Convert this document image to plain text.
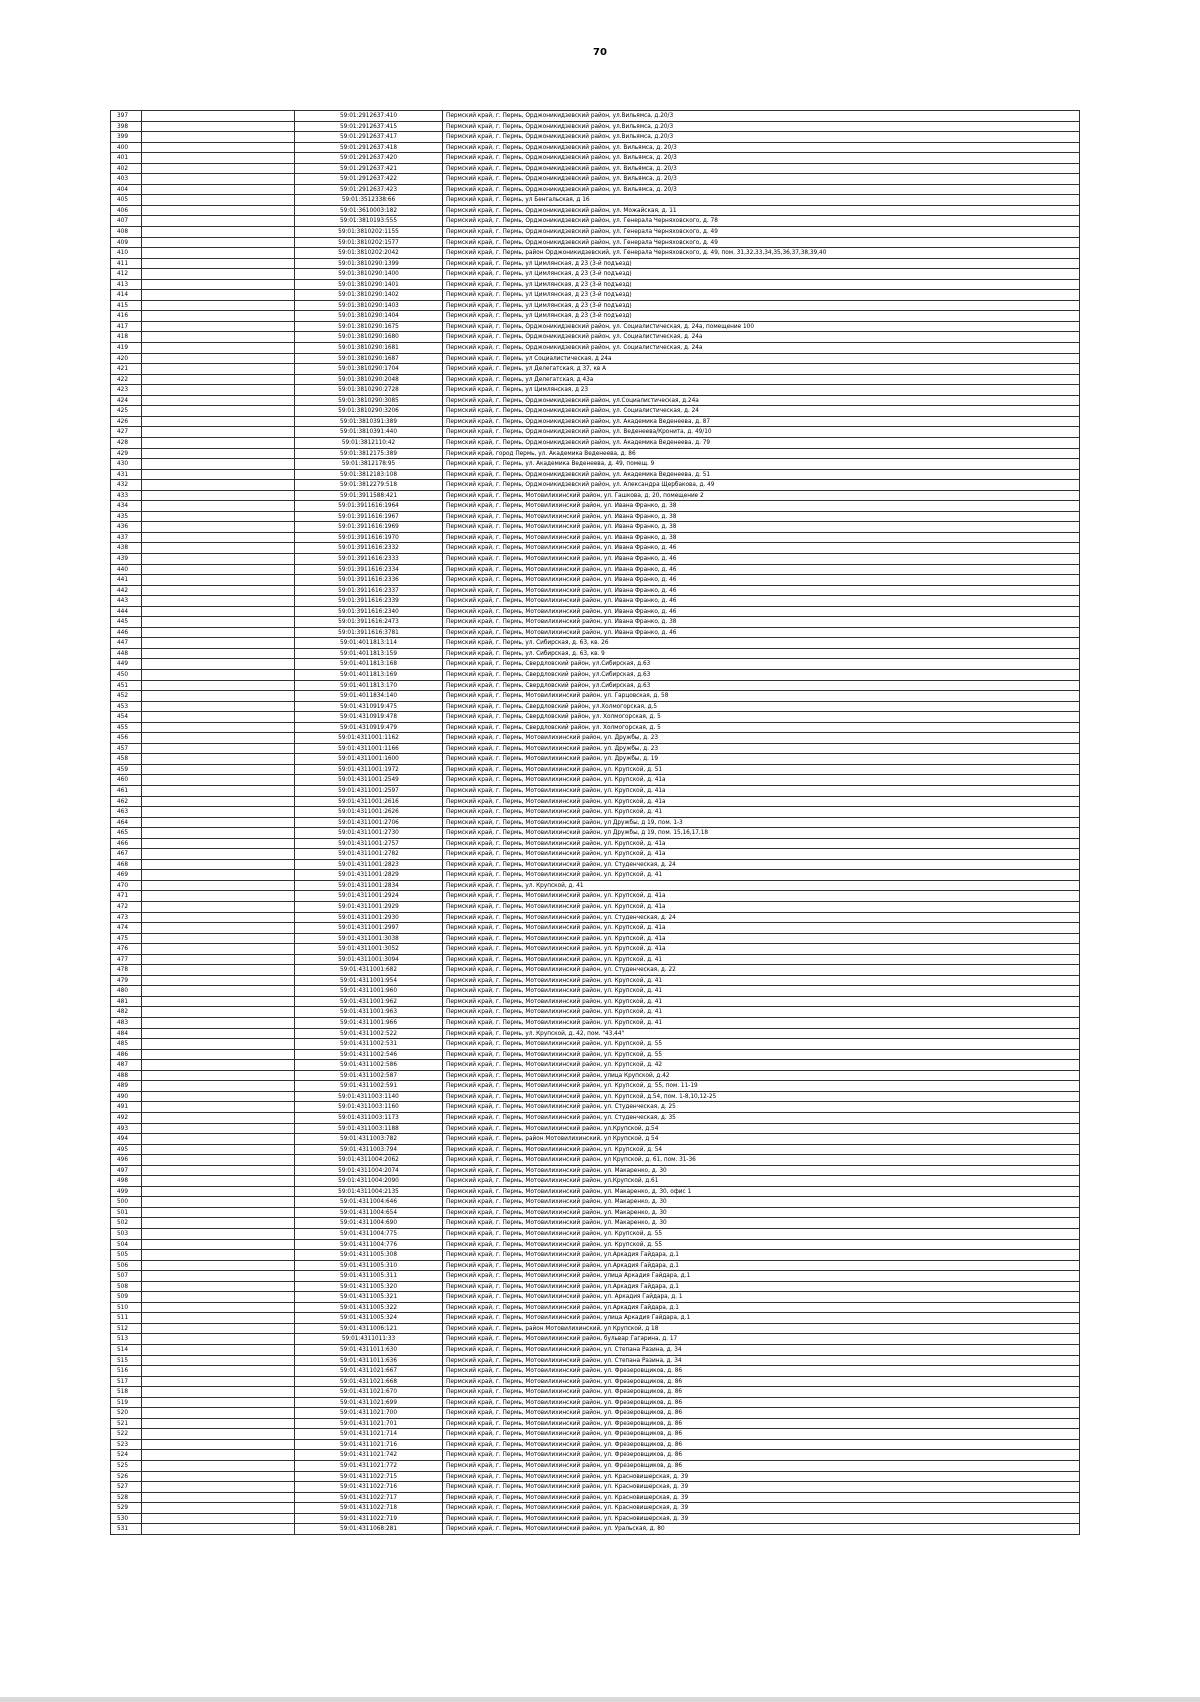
70
397		59:01:2912637:410	Пермский край, г. Пермь, Орджоникидзевский район, ул.Вильямса, д.20/3
398		59:01:2912637:415	Пермский край, г. Пермь, Орджоникидзевский район, ул.Вильямса, д.20/3
399		59:01:2912637:417	Пермский край, г. Пермь, Орджоникидзевский район, ул.Вильямса, д.20/3
400		59:01:2912637:418	Пермский край, г. Пермь, Орджоникидзевский район, ул. Вильямса, д. 20/3
401		59:01:2912637:420	Пермский край, г. Пермь, Орджоникидзевский район, ул. Вильямса, д. 20/3
402		59:01:2912637:421	Пермский край, г. Пермь, Орджоникидзевский район, ул. Вильямса, д. 20/3
403		59:01:2912637:422	Пермский край, г. Пермь, Орджоникидзевский район, ул. Вильямса, д. 20/3
404		59:01:2912637:423	Пермский край, г. Пермь, Орджоникидзевский район, ул. Вильямса, д. 20/3
405		59:01:3512338:66	Пермский край, г. Пермь, ул Бенгальская, д 16
406		59:01:3610003:182	Пермский край, г. Пермь, Орджоникидзевский район, ул. Можайская, д. 11
407		59:01:3810193:555	Пермский край, г. Пермь, Орджоникидзевский район, ул. Генерала Черняховского, д. 78
408		59:01:3810202:1155	Пермский край, г. Пермь, Орджоникидзевский район, ул. Генерала Черняховского, д. 49
409		59:01:3810202:1577	Пермский край, г. Пермь, Орджоникидзевский район, ул. Генерала Черняховского, д. 49
410		59:01:3810202:2042	Пермский край, г. Пермь, район Орджоникидзевский, ул. Генерала Черняховского, д. 49, пом. 31,32,33,34,35,36,37,38,39,40
411		59:01:3810290:1399	Пермский край, г. Пермь, ул Цимлянская, д 23 (3-й подъезд)
412		59:01:3810290:1400	Пермский край, г. Пермь, ул Цимлянская, д 23 (3-й подъезд)
413		59:01:3810290:1401	Пермский край, г. Пермь, ул Цимлянская, д 23 (3-й подъезд)
414		59:01:3810290:1402	Пермский край, г. Пермь, ул Цимлянская, д 23 (3-й подъезд)
415		59:01:3810290:1403	Пермский край, г. Пермь, ул Цимлянская, д 23 (3-й подъезд)
416		59:01:3810290:1404	Пермский край, г. Пермь, ул Цимлянская, д 23 (3-й подъезд)
417		59:01:3810290:1675	Пермский край, г. Пермь, Орджоникидзевский район, ул. Социалистическая, д. 24а, помещение 100
418		59:01:3810290:1680	Пермский край, г. Пермь, Орджоникидзевский район, ул. Социалистическая, д. 24а
419		59:01:3810290:1681	Пермский край, г. Пермь, Орджоникидзевский район, ул. Социалистическая, д. 24а
420		59:01:3810290:1687	Пермский край, г. Пермь, ул Социалистическая, д 24а
421		59:01:3810290:1704	Пермский край, г. Пермь, ул Делегатская, д 37, кв А
422		59:01:3810290:2048	Пермский край, г. Пермь, ул Делегатская, д 43а
423		59:01:3810290:2728	Пермский край, г. Пермь, ул Цимлянская, д 23
424		59:01:3810290:3085	Пермский край, г. Пермь, Орджоникидзевский район, ул.Социалистическая, д.24а
425		59:01:3810290:3206	Пермский край, г. Пермь, Орджоникидзевский район, ул. Социалистическая, д. 24
426		59:01:3810391:389	Пермский край, г. Пермь, Орджоникидзевский район, ул. Академика Веденеева, д. 87
427		59:01:3810391:440	Пермский край, г. Пермь, Орджоникидзевский район, ул. Веденеева/Кронита, д. 49/10
428		59:01:3812110:42	Пермский край, г. Пермь, Орджоникидзевский район, ул. Академика Веденеева, д. 79
429		59:01:3812175:389	Пермский край, город Пермь, ул. Академика Веденеева, д. 86
430		59:01:3812178:95	Пермский край, г. Пермь, ул. Академика Веденеева, д. 49, помещ. 9
431		59:01:3812183:108	Пермский край, г. Пермь, Орджоникидзевский район, ул. Академика Веденеева, д. 51
432		59:01:3812279:518	Пермский край, г. Пермь, Орджоникидзевский район, ул. Александра Щербакова, д. 49
433		59:01:3911588:421	Пермский край, г. Пермь, Мотовилихинский район, ул. Гашкова, д. 20, помещение 2
434		59:01:3911616:1964	Пермский край, г. Пермь, Мотовилихинский район, ул. Ивана Франко, д. 38
435		59:01:3911616:1967	Пермский край, г. Пермь, Мотовилихинский район, ул. Ивана Франко, д. 38
436		59:01:3911616:1969	Пермский край, г. Пермь, Мотовилихинский район, ул. Ивана Франко, д. 38
437		59:01:3911616:1970	Пермский край, г. Пермь, Мотовилихинский район, ул. Ивана Франко, д. 38
438		59:01:3911616:2332	Пермский край, г. Пермь, Мотовилихинский район, ул. Ивана Франко, д. 46
439		59:01:3911616:2333	Пермский край, г. Пермь, Мотовилихинский район, ул. Ивана Франко, д. 46
440		59:01:3911616:2334	Пермский край, г. Пермь, Мотовилихинский район, ул. Ивана Франко, д. 46
441		59:01:3911616:2336	Пермский край, г. Пермь, Мотовилихинский район, ул. Ивана Франко, д. 46
442		59:01:3911616:2337	Пермский край, г. Пермь, Мотовилихинский район, ул. Ивана Франко, д. 46
443		59:01:3911616:2339	Пермский край, г. Пермь, Мотовилихинский район, ул. Ивана Франко, д. 46
444		59:01:3911616:2340	Пермский край, г. Пермь, Мотовилихинский район, ул. Ивана Франко, д. 46
445		59:01:3911616:2473	Пермский край, г. Пермь, Мотовилихинский район, ул. Ивана Франко, д. 38
446		59:01:3911616:3781	Пермский край, г. Пермь, Мотовилихинский район, ул. Ивана Франко, д. 46
447		59:01:4011813:114	Пермский край, г. Пермь, ул. Сибирская, д. 63, кв. 26
448		59:01:4011813:159	Пермский край, г. Пермь, ул. Сибирская, д. 63, кв. 9
449		59:01:4011813:168	Пермский край, г. Пермь, Свердловский район, ул.Сибирская, д.63
450		59:01:4011813:169	Пермский край, г. Пермь, Свердловский район, ул.Сибирская, д.63
451		59:01:4011813:170	Пермский край, г. Пермь, Свердловский район, ул.Сибирская, д.63
452		59:01:4011834:140	Пермский край, г. Пермь, Мотовилихинский район, ул. Гарцовская, д. 58
453		59:01:4310919:475	Пермский край, г. Пермь, Свердловский район, ул.Холмогорская, д.5
454		59:01:4310919:478	Пермский край, г. Пермь, Свердловский район, ул. Холмогорская, д. 5
455		59:01:4310919:479	Пермский край, г. Пермь, Свердловский район, ул. Холмогорская, д. 5
456		59:01:4311001:1162	Пермский край, г. Пермь, Мотовилихинский район, ул. Дружбы, д. 23
457		59:01:4311001:1166	Пермский край, г. Пермь, Мотовилихинский район, ул. Дружбы, д. 23
458		59:01:4311001:1600	Пермский край, г. Пермь, Мотовилихинский район, ул. Дружбы, д. 19
459		59:01:4311001:1972	Пермский край, г. Пермь, Мотовилихинский район, ул. Крупской, д. 51
460		59:01:4311001:2549	Пермский край, г. Пермь, Мотовилихинский район, ул. Крупской, д. 41а
461		59:01:4311001:2597	Пермский край, г. Пермь, Мотовилихинский район, ул. Крупской, д. 41а
462		59:01:4311001:2616	Пермский край, г. Пермь, Мотовилихинский район, ул. Крупской, д. 41а
463		59:01:4311001:2626	Пермский край, г. Пермь, Мотовилихинский район, ул. Крупской, д. 41
464		59:01:4311001:2706	Пермский край, г. Пермь, Мотовилихинский район, ул Дружбы, д 19, пом. 1-3
465		59:01:4311001:2730	Пермский край, г. Пермь, Мотовилихинский район, ул Дружбы, д 19, пом. 15,16,17,18
466		59:01:4311001:2757	Пермский край, г. Пермь, Мотовилихинский район, ул. Крупской, д. 41а
467		59:01:4311001:2782	Пермский край, г. Пермь, Мотовилихинский район, ул. Крупской, д. 41а
468		59:01:4311001:2823	Пермский край, г. Пермь, Мотовилихинский район, ул. Студенческая, д. 24
469		59:01:4311001:2829	Пермский край, г. Пермь, Мотовилихинский район, ул. Крупской, д. 41
470		59:01:4311001:2834	Пермский край, г. Пермь, ул. Крупской, д. 41
471		59:01:4311001:2924	Пермский край, г. Пермь, Мотовилихинский район, ул. Крупской, д. 41а
472		59:01:4311001:2929	Пермский край, г. Пермь, Мотовилихинский район, ул. Крупской, д. 41а
473		59:01:4311001:2930	Пермский край, г. Пермь, Мотовилихинский район, ул. Студенческая, д. 24
474		59:01:4311001:2997	Пермский край, г. Пермь, Мотовилихинский район, ул. Крупской, д. 41а
475		59:01:4311001:3038	Пермский край, г. Пермь, Мотовилихинский район, ул. Крупской, д. 41а
476		59:01:4311001:3052	Пермский край, г. Пермь, Мотовилихинский район, ул. Крупской, д. 41а
477		59:01:4311001:3094	Пермский край, г. Пермь, Мотовилихинский район, ул. Крупской, д. 41
478		59:01:4311001:682	Пермский край, г. Пермь, Мотовилихинский район, ул. Студенческая, д. 22
479		59:01:4311001:954	Пермский край, г. Пермь, Мотовилихинский район, ул. Крупской, д. 41
480		59:01:4311001:960	Пермский край, г. Пермь, Мотовилихинский район, ул. Крупской, д. 41
481		59:01:4311001:962	Пермский край, г. Пермь, Мотовилихинский район, ул. Крупской, д. 41
482		59:01:4311001:963	Пермский край, г. Пермь, Мотовилихинский район, ул. Крупской, д. 41
483		59:01:4311001:966	Пермский край, г. Пермь, Мотовилихинский район, ул. Крупской, д. 41
484		59:01:4311002:522	Пермский край, г. Пермь, ул. Крупской, д. 42, пом. "43,44"
485		59:01:4311002:531	Пермский край, г. Пермь, Мотовилихинский район, ул. Крупской, д. 55
486		59:01:4311002:546	Пермский край, г. Пермь, Мотовилихинский район, ул. Крупской, д. 55
487		59:01:4311002:586	Пермский край, г. Пермь, Мотовилихинский район, ул. Крупской, д. 42
488		59:01:4311002:587	Пермский край, г. Пермь, Мотовилихинский район, улица Крупской, д.42
489		59:01:4311002:591	Пермский край, г. Пермь, Мотовилихинский район, ул. Крупской, д. 55, пом. 11-19
490		59:01:4311003:1140	Пермский край, г. Пермь, Мотовилихинский район, ул. Крупской, д.54, пом. 1-8,10,12-25
491		59:01:4311003:1160	Пермский край, г. Пермь, Мотовилихинский район, ул. Студенческая, д. 25
492		59:01:4311003:1173	Пермский край, г. Пермь, Мотовилихинский район, ул. Студенческая, д. 35
493		59:01:4311003:1188	Пермский край, г. Пермь, Мотовилихинский район, ул.Крупской, д.54
494		59:01:4311003:782	Пермский край, г. Пермь, район Мотовилихинский, ул Крупской, д 54
495		59:01:4311003:794	Пермский край, г. Пермь, Мотовилихинский район, ул. Крупской, д. 54
496		59:01:4311004:2062	Пермский край, г. Пермь, Мотовилихинский район, ул Крупской, д. 61, пом. 31-36
497		59:01:4311004:2074	Пермский край, г. Пермь, Мотовилихинский район, ул. Макаренко, д. 30
498		59:01:4311004:2090	Пермский край, г. Пермь, Мотовилихинский район, ул.Крупской, д.61
499		59:01:4311004:2135	Пермский край, г. Пермь, Мотовилихинский район, ул. Макаренко, д. 30, офис 1
500		59:01:4311004:646	Пермский край, г. Пермь, Мотовилихинский район, ул. Макаренко, д. 30
501		59:01:4311004:654	Пермский край, г. Пермь, Мотовилихинский район, ул. Макаренко, д. 30
502		59:01:4311004:690	Пермский край, г. Пермь, Мотовилихинский район, ул. Макаренко, д. 30
503		59:01:4311004:775	Пермский край, г. Пермь, Мотовилихинский район, ул. Крупской, д. 55
504		59:01:4311004:776	Пермский край, г. Пермь, Мотовилихинский район, ул. Крупской, д. 55
505		59:01:4311005:308	Пермский край, г. Пермь, Мотовилихинский район, ул.Аркадия Гайдара, д.1
506		59:01:4311005:310	Пермский край, г. Пермь, Мотовилихинский район, ул.Аркадия Гайдара, д.1
507		59:01:4311005:311	Пермский край, г. Пермь, Мотовилихинский район, улица Аркадия Гайдара, д.1
508		59:01:4311005:320	Пермский край, г. Пермь, Мотовилихинский район, ул.Аркадия Гайдара, д.1
509		59:01:4311005:321	Пермский край, г. Пермь, Мотовилихинский район, ул. Аркадия Гайдара, д. 1
510		59:01:4311005:322	Пермский край, г. Пермь, Мотовилихинский район, ул.Аркадия Гайдара, д.1
511		59:01:4311005:324	Пермский край, г. Пермь, Мотовилихинский район, улица Аркадия Гайдара, д.1
512		59:01:4311006:121	Пермский край, г. Пермь, район Мотовилихинский, ул Крупской, д 18
513		59:01:4311011:33	Пермский край, г. Пермь, Мотовилихинский район, бульвар Гагарина, д. 17
514		59:01:4311011:630	Пермский край, г. Пермь, Мотовилихинский район, ул. Степана Разина, д. 34
515		59:01:4311011:636	Пермский край, г. Пермь, Мотовилихинский район, ул. Степана Разина, д. 34
516		59:01:4311021:667	Пермский край, г. Пермь, Мотовилихинский район, ул. Фрезеровщиков, д. 86
517		59:01:4311021:668	Пермский край, г. Пермь, Мотовилихинский район, ул. Фрезеровщиков, д. 86
518		59:01:4311021:670	Пермский край, г. Пермь, Мотовилихинский район, ул. Фрезеровщиков, д. 86
519		59:01:4311021:699	Пермский край, г. Пермь, Мотовилихинский район, ул. Фрезеровщиков, д. 86
520		59:01:4311021:700	Пермский край, г. Пермь, Мотовилихинский район, ул. Фрезеровщиков, д. 86
521		59:01:4311021:701	Пермский край, г. Пермь, Мотовилихинский район, ул. Фрезеровщиков, д. 86
522		59:01:4311021:714	Пермский край, г. Пермь, Мотовилихинский район, ул. Фрезеровщиков, д. 86
523		59:01:4311021:716	Пермский край, г. Пермь, Мотовилихинский район, ул. Фрезеровщиков, д. 86
524		59:01:4311021:742	Пермский край, г. Пермь, Мотовилихинский район, ул. Фрезеровщиков, д. 86
525		59:01:4311021:772	Пермский край, г. Пермь, Мотовилихинский район, ул. Фрезеровщиков, д. 86
526		59:01:4311022:715	Пермский край, г. Пермь, Мотовилихинский район, ул. Красновишерская, д. 39
527		59:01:4311022:716	Пермский край, г. Пермь, Мотовилихинский район, ул. Красновишерская, д. 39
528		59:01:4311022:717	Пермский край, г. Пермь, Мотовилихинский район, ул. Красновишерская, д. 39
529		59:01:4311022:718	Пермский край, г. Пермь, Мотовилихинский район, ул. Красновишерская, д. 39
530		59:01:4311022:719	Пермский край, г. Пермь, Мотовилихинский район, ул. Красновишерская, д. 39
531		59:01:4311068:281	Пермский край, г. Пермь, Мотовилихинский район, ул. Уральская, д. 80
